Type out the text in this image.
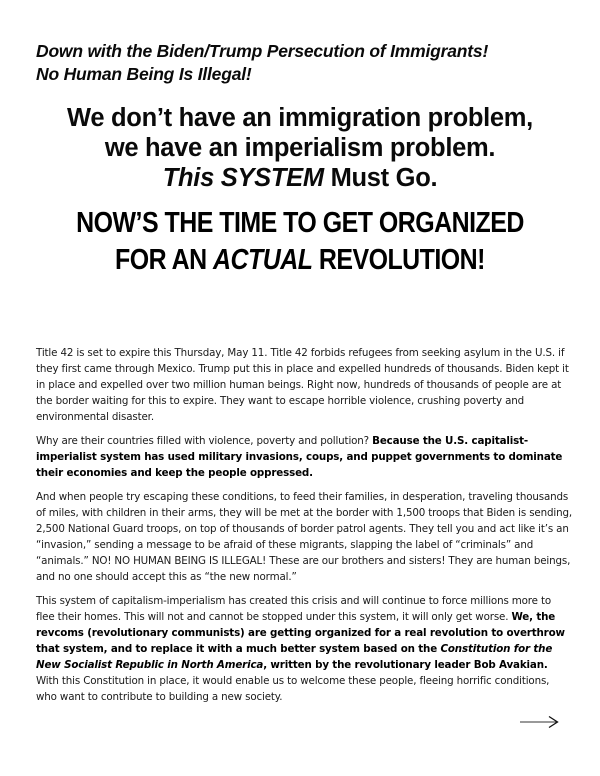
Down with the Biden/Trump Persecution of Immigrants!
No Human Being Is Illegal!
We don’t have an immigration problem,
we have an imperialism problem.
This SYSTEM Must Go.
NOW’S THE TIME TO GET ORGANIZED
FOR AN ACTUAL REVOLUTION!

Title 42 is set to expire this Thursday, May 11. Title 42 forbids refugees from seeking asylum in the U.S. if they first came through Mexico. Trump put this in place and expelled hundreds of thousands. Biden kept it in place and expelled over two million human beings. Right now, hundreds of thousands of people are at the border waiting for this to expire. They want to escape horrible violence, crushing poverty and environmental disaster.

Why are their countries filled with violence, poverty and pollution? Because the U.S. capitalist-imperialist system has used military invasions, coups, and puppet governments to dominate their economies and keep the people oppressed.

And when people try escaping these conditions, to feed their families, in desperation, traveling thousands of miles, with children in their arms, they will be met at the border with 1,500 troops that Biden is sending, 2,500 National Guard troops, on top of thousands of border patrol agents. They tell you and act like it’s an “invasion,” sending a message to be afraid of these migrants, slapping the label of “criminals” and “animals.” NO! NO HUMAN BEING IS ILLEGAL! These are our brothers and sisters! They are human beings, and no one should accept this as “the new normal.”

This system of capitalism-imperialism has created this crisis and will continue to force millions more to flee their homes. This will not and cannot be stopped under this system, it will only get worse. We, the revcoms (revolutionary communists) are getting organized for a real revolution to overthrow that system, and to replace it with a much better system based on the Constitution for the New Socialist Republic in North America, written by the revolutionary leader Bob Avakian. With this Constitution in place, it would enable us to welcome these people, fleeing horrific conditions, who want to contribute to building a new society.
